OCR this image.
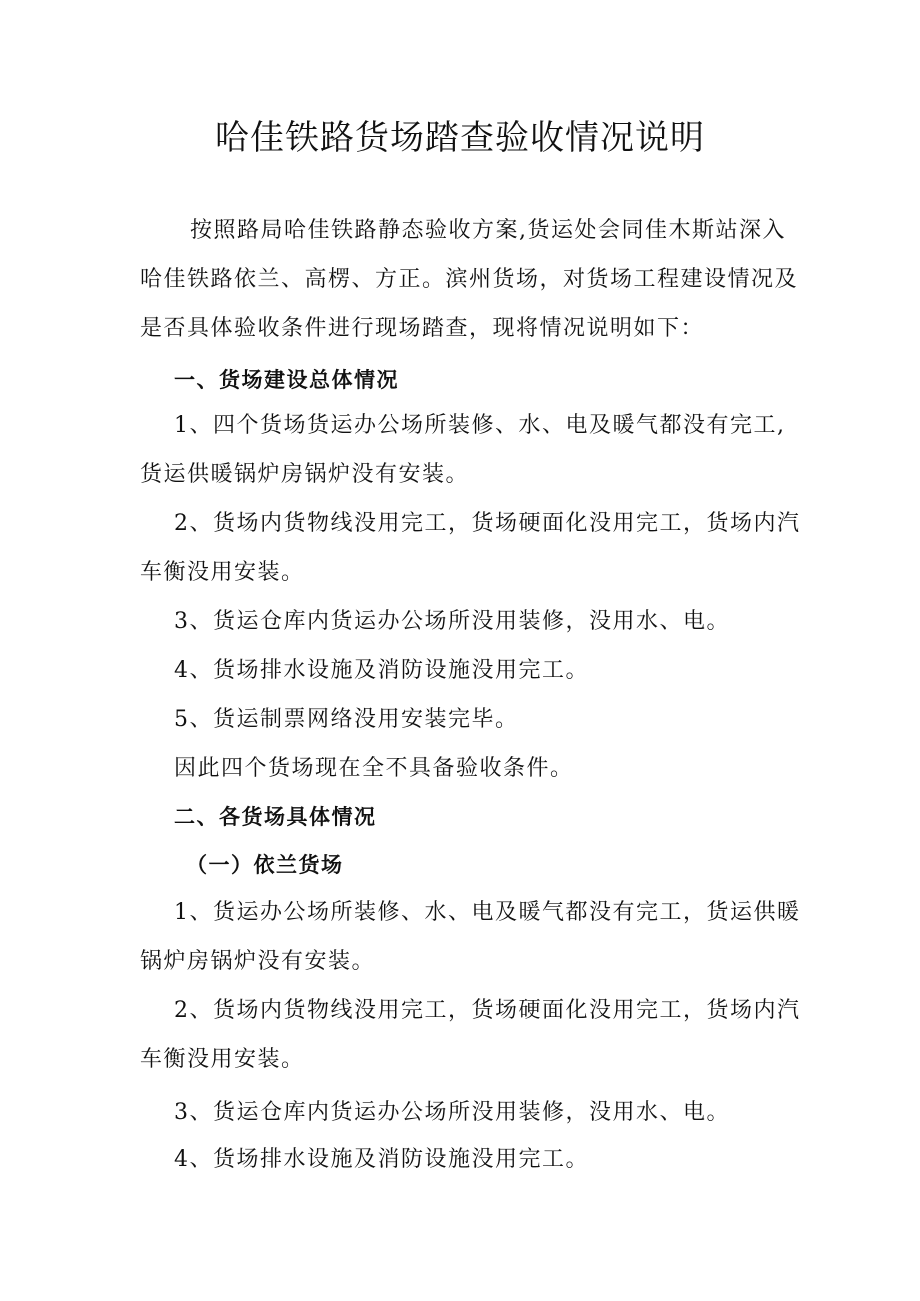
哈佳铁路货场踏查验收情况说明

按照路局哈佳铁路静态验收方案,货运处会同佳木斯站深入

哈佳铁路依兰、高楞、方正。滨州货场，对货场工程建设情况及

是否具体验收条件进行现场踏查，现将情况说明如下：

一、货场建设总体情况

1、四个货场货运办公场所装修、水、电及暖气都没有完工,

货运供暖锅炉房锅炉没有安装。

2、货场内货物线没用完工，货场硬面化没用完工，货场内汽

车衡没用安装。

3、货运仓库内货运办公场所没用装修，没用水、电。

4、货场排水设施及消防设施没用完工。

5、货运制票网络没用安装完毕。

因此四个货场现在全不具备验收条件。

二、各货场具体情况

（一）依兰货场

1、货运办公场所装修、水、电及暖气都没有完工，货运供暖

锅炉房锅炉没有安装。

2、货场内货物线没用完工，货场硬面化没用完工，货场内汽

车衡没用安装。

3、货运仓库内货运办公场所没用装修，没用水、电。

4、货场排水设施及消防设施没用完工。
